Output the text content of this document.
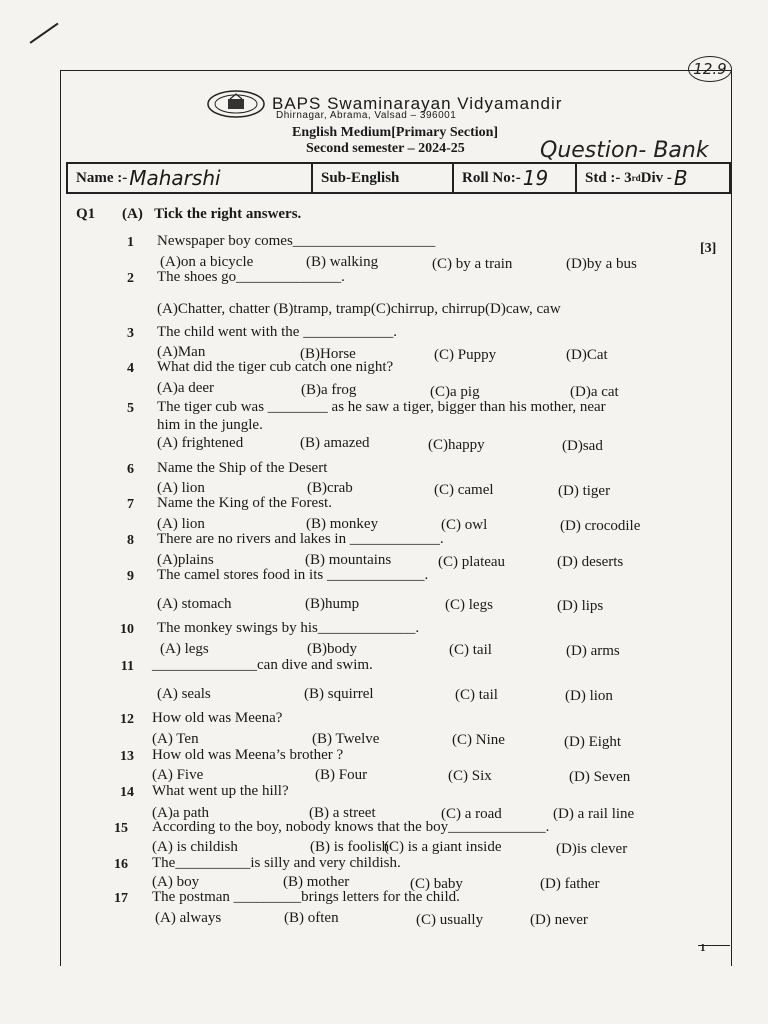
12.9
BAPS Swaminarayan Vidyamandir
Dhirnagar, Abrama, Valsad – 396001
English Medium[Primary Section]
Second semester – 2024-25	Question- Bank
Name :- Maharshi	Sub-English	Roll No:- 19 Std :- 3 rd Div - B
Q1 (A) Tick the right answers.
[3]
1 Newspaper boy comes___________________
(A)on a bicycle	(B) walking	(C) by a train	(D)by a bus
2 The shoes go______________.
(A)Chatter, chatter (B)tramp, tramp(C)chirrup, chirrup(D)caw, caw
3 The child went with the ____________.
(A)Man	(B)Horse	(C) Puppy	(D)Cat
4 What did the tiger cub catch one night?
(A)a deer	(B)a frog	(C)a pig	(D)a cat
5 The tiger cub was ________ as he saw a tiger, bigger than his mother, near
him in the jungle.
(A) frightened	(B) amazed	(C)happy	(D)sad
6 Name the Ship of the Desert
(A) lion	(B)crab	(C) camel	(D) tiger
7 Name the King of the Forest.
(A) lion	(B) monkey	(C) owl	(D) crocodile
8 There are no rivers and lakes in ____________.
(A)plains	(B) mountains	(C) plateau	(D) deserts
9 The camel stores food in its _____________.
(A) stomach	(B)hump	(C) legs	(D) lips
10 The monkey swings by his_____________.
(A) legs	(B)body	(C) tail	(D) arms
11 ______________can dive and swim.
(A) seals	(B) squirrel	(C) tail	(D) lion
12 How old was Meena?
(A) Ten	(B) Twelve	(C) Nine	(D) Eight
13 How old was Meena’s brother ?
(A) Five	(B) Four	(C) Six	(D) Seven
14 What went up the hill?
(A)a path	(B) a street	(C) a road	(D) a rail line
15 According to the boy, nobody knows that the boy_____________.
(A) is childish	(B) is foolish
(C) is a giant inside	(D)is clever
16 The__________is silly and very childish.
(A) boy	(B) mother	(C) baby	(D) father
17 The postman _________brings letters for the child.
(A) always	(B) often	(C) usually	(D) never
1
